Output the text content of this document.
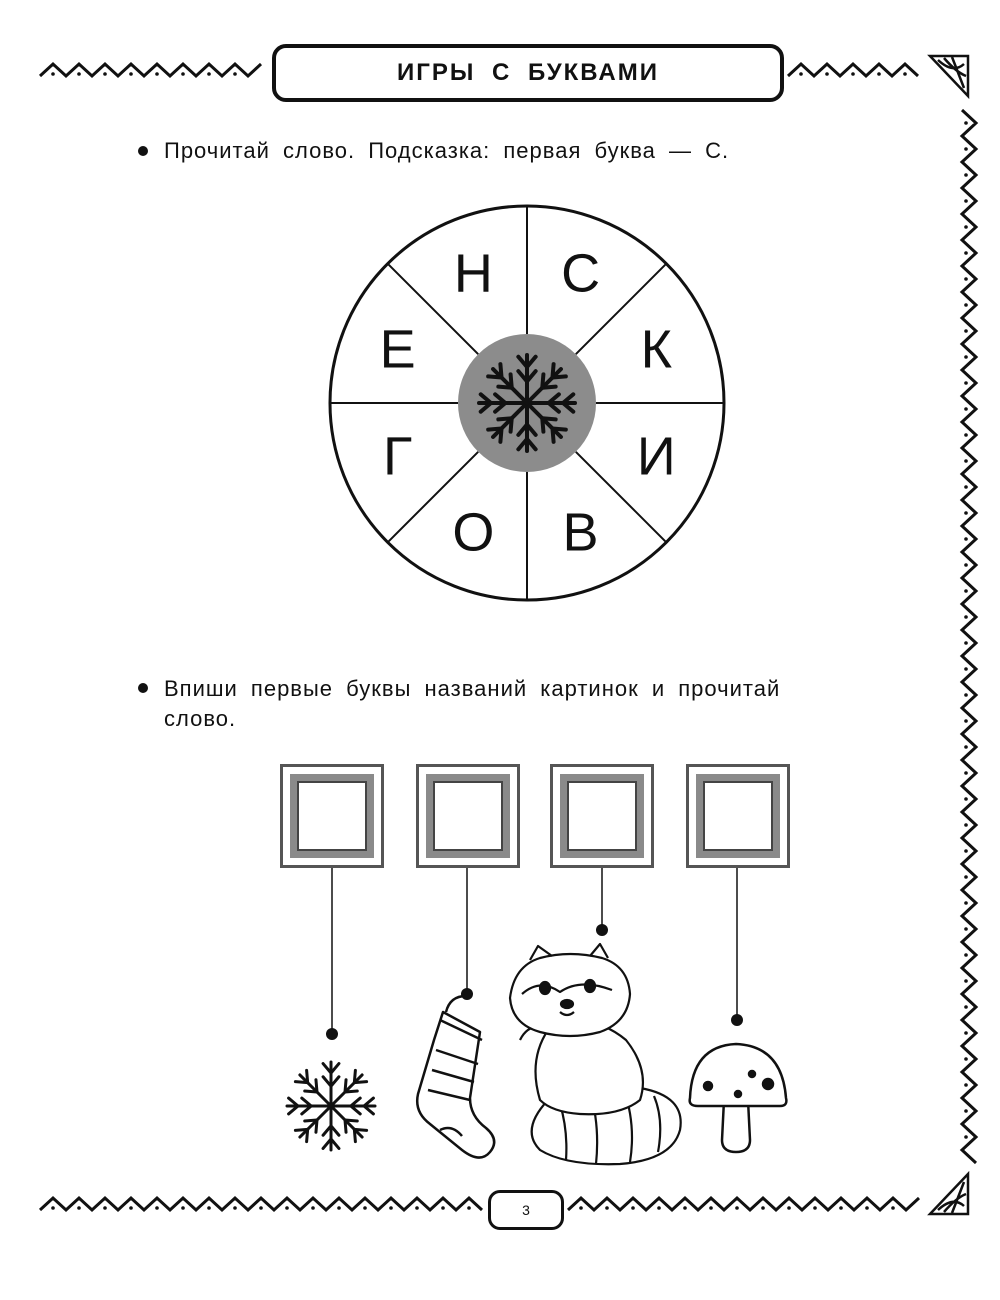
ИГРЫ С БУКВАМИ
Прочитай слово. Подсказка: первая буква — С.
С
К
И
В
О
Г
Е
Н
Впиши первые буквы названий картинок и прочитай
слово.
3
